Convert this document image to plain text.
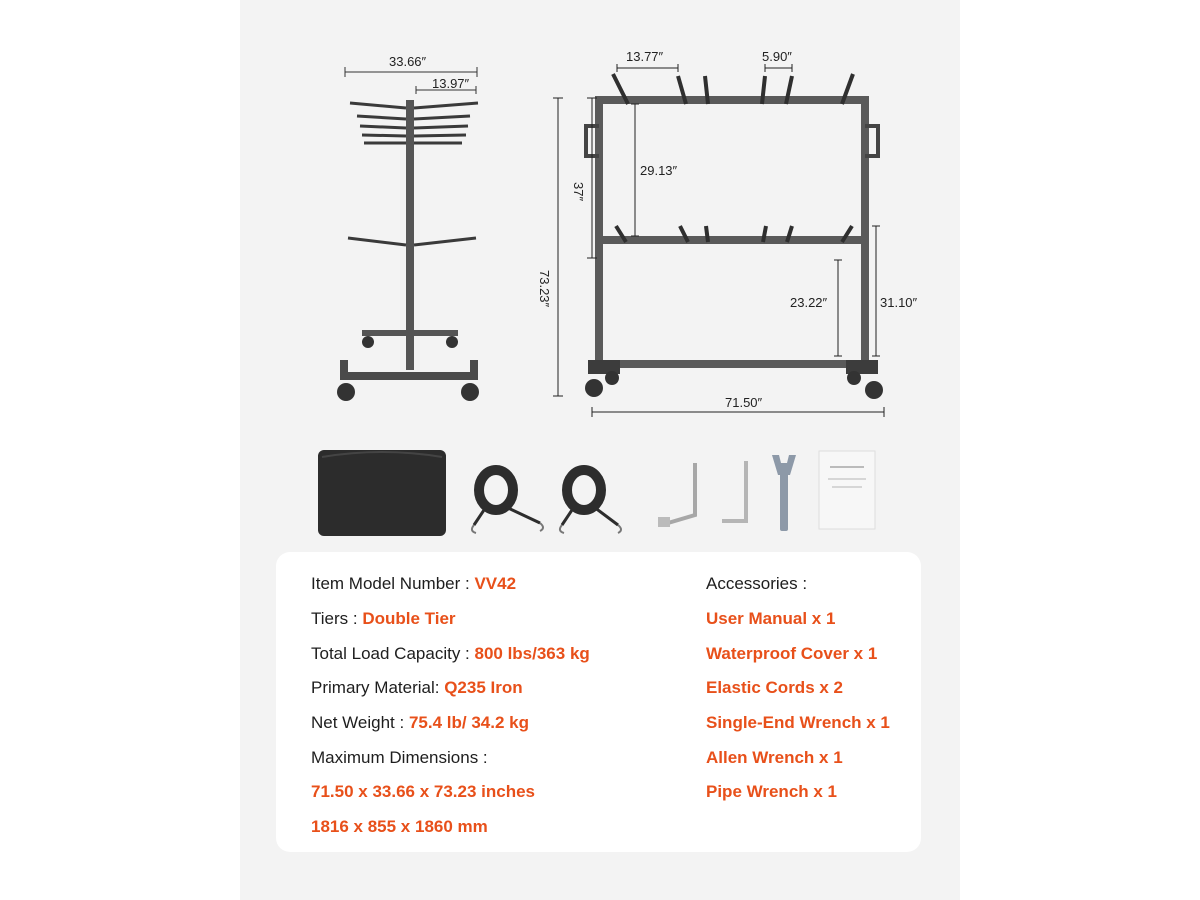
33.66″
13.97″
13.77″	5.90″
73.23″
37″
29.13″
23.22″	31.10″
71.50″
Item Model Number : VV42
Tiers : Double Tier
Total Load Capacity : 800 lbs/363 kg
Primary Material: Q235 Iron
Net Weight : 75.4 lb/ 34.2 kg
Maximum Dimensions :
71.50 x 33.66 x 73.23 inches
1816 x 855 x 1860 mm
Accessories :
User Manual x 1
Waterproof Cover x 1
Elastic Cords x 2
Single-End Wrench x 1
Allen Wrench x 1
Pipe Wrench x 1
